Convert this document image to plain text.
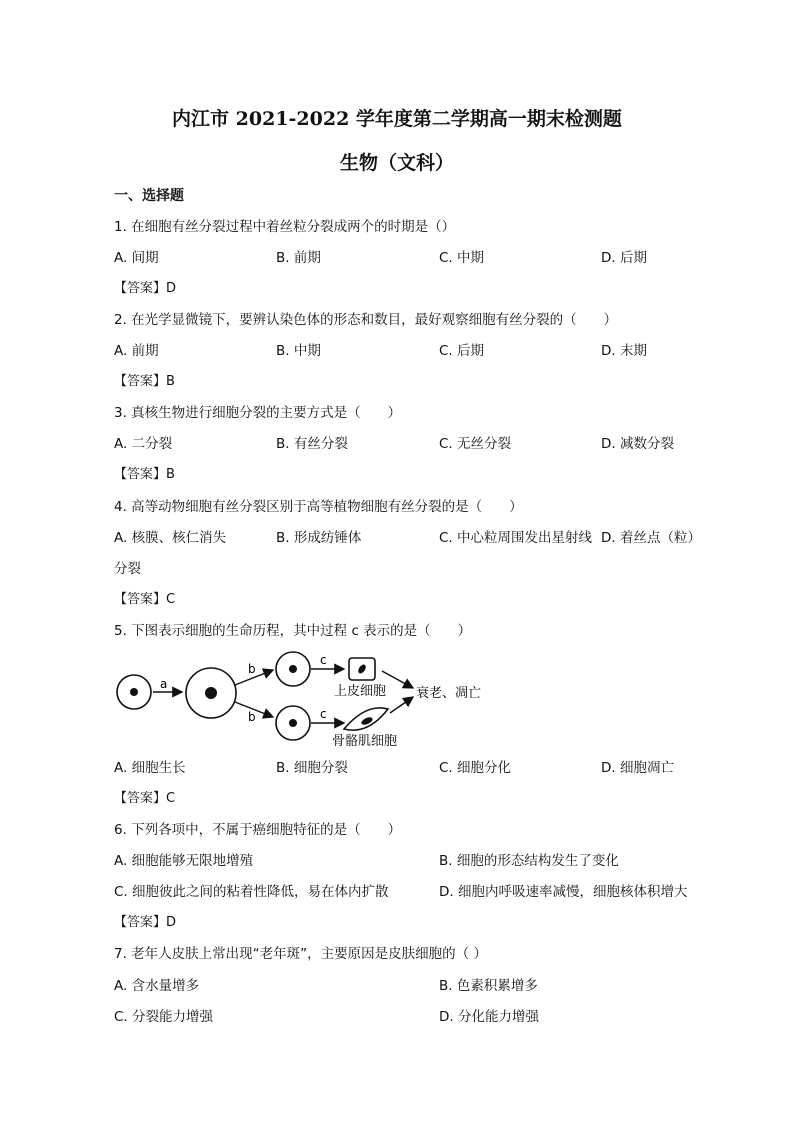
内江市 2021-2022 学年度第二学期高一期末检测题
生物（文科）
一、选择题
1. 在细胞有丝分裂过程中着丝粒分裂成两个的时期是（）
A. 间期	B. 前期	C. 中期	D. 后期
【答案】D
2. 在光学显微镜下，要辨认染色体的形态和数目，最好观察细胞有丝分裂的（　　）
A. 前期	B. 中期	C. 后期	D. 末期
【答案】B
3. 真核生物进行细胞分裂的主要方式是（　　）
A. 二分裂	B. 有丝分裂	C. 无丝分裂	D. 减数分裂
【答案】B
4. 高等动物细胞有丝分裂区别于高等植物细胞有丝分裂的是（　　）
A. 核膜、核仁消失	B. 形成纺锤体	C. 中心粒周围发出星射线 D. 着丝点（粒）
分裂
【答案】C
5. 下图表示细胞的生命历程，其中过程 c 表示的是（　　）
a
b
b
c
c
上皮细胞
骨骼肌细胞
衰老、凋亡
A. 细胞生长	B. 细胞分裂	C. 细胞分化	D. 细胞凋亡
【答案】C
6. 下列各项中，不属于癌细胞特征的是（　　）
A. 细胞能够无限地增殖	B. 细胞的形态结构发生了变化
C. 细胞彼此之间的粘着性降低，易在体内扩散	D. 细胞内呼吸速率减慢，细胞核体积增大
【答案】D
7. 老年人皮肤上常出现“老年斑”，主要原因是皮肤细胞的（ ）
A. 含水量增多	B. 色素积累增多
C. 分裂能力增强	D. 分化能力增强
